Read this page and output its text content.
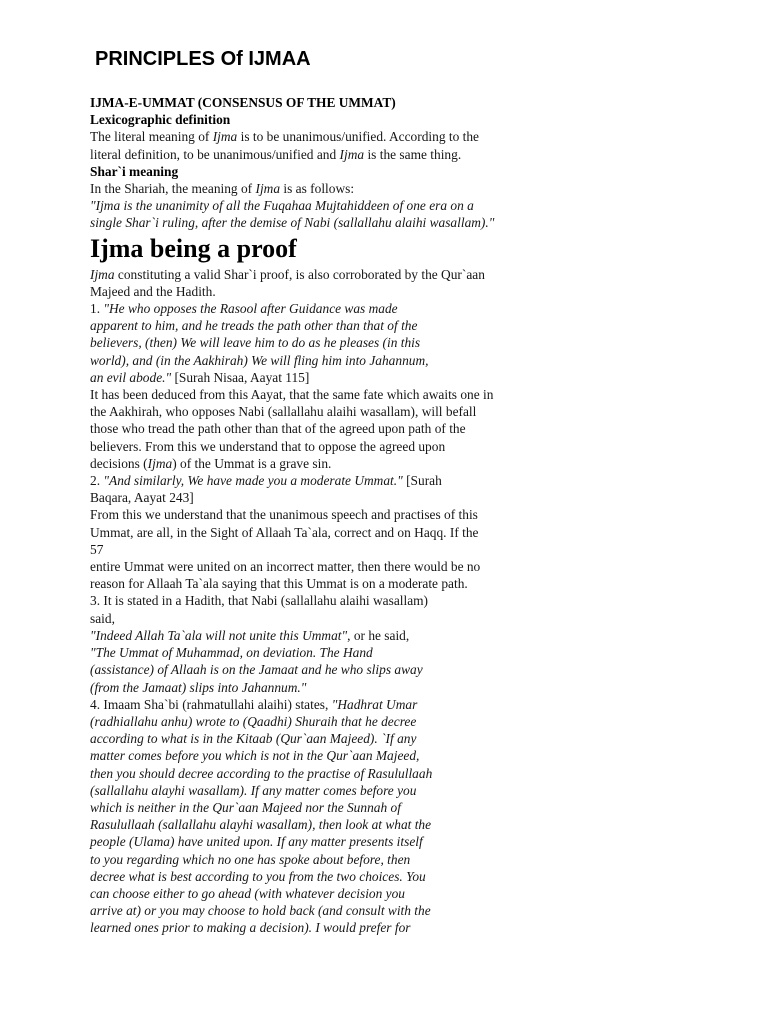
PRINCIPLES Of IJMAA

IJMA-E-UMMAT (CONSENSUS OF THE UMMAT)

Lexicographic definition

The literal meaning of Ijma is to be unanimous/unified. According to the

literal definition, to be unanimous/unified and Ijma is the same thing.

Shar`i meaning

In the Shariah, the meaning of Ijma is as follows:

"Ijma is the unanimity of all the Fuqahaa Mujtahiddeen of one era on a

single Shar`i ruling, after the demise of Nabi (sallallahu alaihi wasallam)."

Ijma being a proof

Ijma constituting a valid Shar`i proof, is also corroborated by the Qur`aan

Majeed and the Hadith.

1. "He who opposes the Rasool after Guidance was made

apparent to him, and he treads the path other than that of the

believers, (then) We will leave him to do as he pleases (in this

world), and (in the Aakhirah) We will fling him into Jahannum,

an evil abode." [Surah Nisaa, Aayat 115]

It has been deduced from this Aayat, that the same fate which awaits one in

the Aakhirah, who opposes Nabi (sallallahu alaihi wasallam), will befall

those who tread the path other than that of the agreed upon path of the

believers. From this we understand that to oppose the agreed upon

decisions (Ijma) of the Ummat is a grave sin.

2. "And similarly, We have made you a moderate Ummat." [Surah

Baqara, Aayat 243]

From this we understand that the unanimous speech and practises of this

Ummat, are all, in the Sight of Allaah Ta`ala, correct and on Haqq. If the

57

entire Ummat were united on an incorrect matter, then there would be no

reason for Allaah Ta`ala saying that this Ummat is on a moderate path.

3. It is stated in a Hadith, that Nabi (sallallahu alaihi wasallam)

said,

"Indeed Allah Ta`ala will not unite this Ummat", or he said,

"The Ummat of Muhammad, on deviation. The Hand

(assistance) of Allaah is on the Jamaat and he who slips away

(from the Jamaat) slips into Jahannum."

4. Imaam Sha`bi (rahmatullahi alaihi) states, "Hadhrat Umar

(radhiallahu anhu) wrote to (Qaadhi) Shuraih that he decree

according to what is in the Kitaab (Qur`aan Majeed). `If any

matter comes before you which is not in the Qur`aan Majeed,

then you should decree according to the practise of Rasulullaah

(sallallahu alayhi wasallam). If any matter comes before you

which is neither in the Qur`aan Majeed nor the Sunnah of

Rasulullaah (sallallahu alayhi wasallam), then look at what the

people (Ulama) have united upon. If any matter presents itself

to you regarding which no one has spoke about before, then

decree what is best according to you from the two choices. You

can choose either to go ahead (with whatever decision you

arrive at) or you may choose to hold back (and consult with the

learned ones prior to making a decision). I would prefer for
